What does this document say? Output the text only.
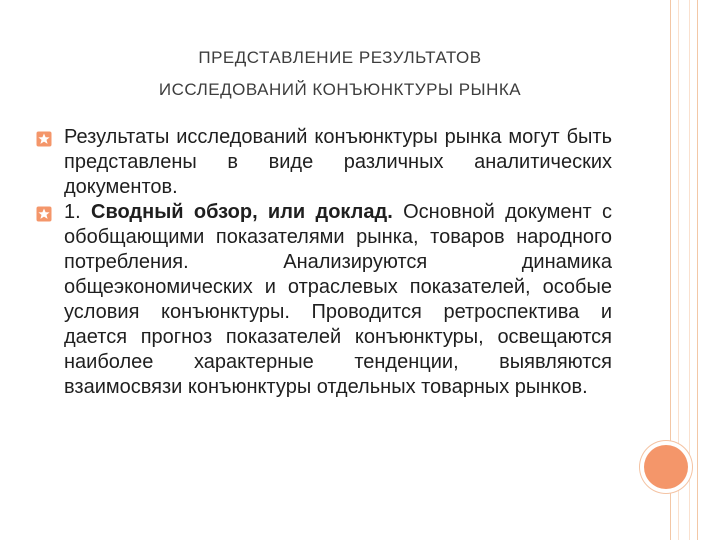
ПРЕДСТАВЛЕНИЕ РЕЗУЛЬТАТОВ
ИССЛЕДОВАНИЙ КОНЪЮНКТУРЫ РЫНКА
Результаты исследований конъюнктуры рынка могут быть представлены в виде различных аналитических документов.
1. Сводный обзор, или доклад. Основной документ с обобщающими показателями рынка, товаров народного потребления. Анализируются динамика общеэкономических и отраслевых показателей, особые условия конъюнктуры. Проводится ретроспектива и дается прогноз показателей конъюнктуры, освещаются наиболее характерные тенденции, выявляются взаимосвязи конъюнктуры отдельных товарных рынков.
